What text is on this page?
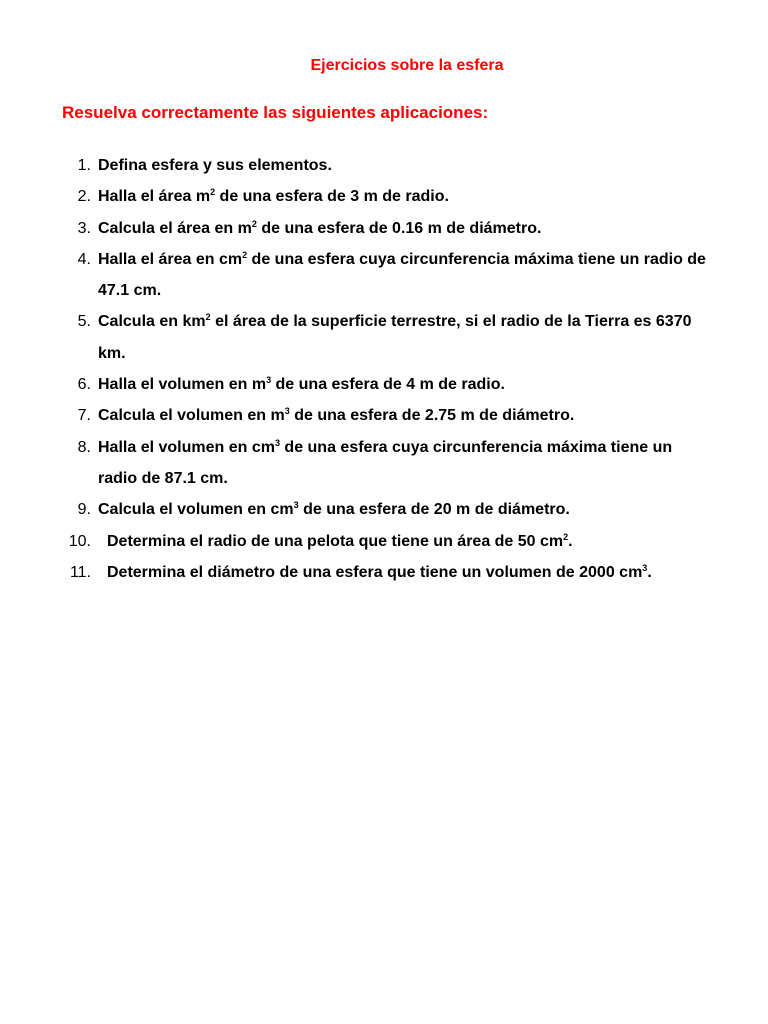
Ejercicios sobre la esfera

Resuelva correctamente las siguientes aplicaciones:

1. Defina esfera y sus elementos.
2. Halla el área $m^2$ de una esfera de 3 m de radio.
3. Calcula el área en $m^2$ de una esfera de 0.16 m de diámetro.
4. Halla el área en $cm^2$ de una esfera cuya circunferencia máxima tiene un radio de 47.1 cm.
5. Calcula en $km^2$ el área de la superficie terrestre, si el radio de la Tierra es 6370 km.
6. Halla el volumen en $m^3$ de una esfera de 4 m de radio.
7. Calcula el volumen en $m^3$ de una esfera de 2.75 m de diámetro.
8. Halla el volumen en $cm^3$ de una esfera cuya circunferencia máxima tiene un radio de 87.1 cm.
9. Calcula el volumen en $cm^3$ de una esfera de 20 m de diámetro.
10. Determina el radio de una pelota que tiene un área de 50 $cm^2$.
11. Determina el diámetro de una esfera que tiene un volumen de 2000 $cm^3$.
